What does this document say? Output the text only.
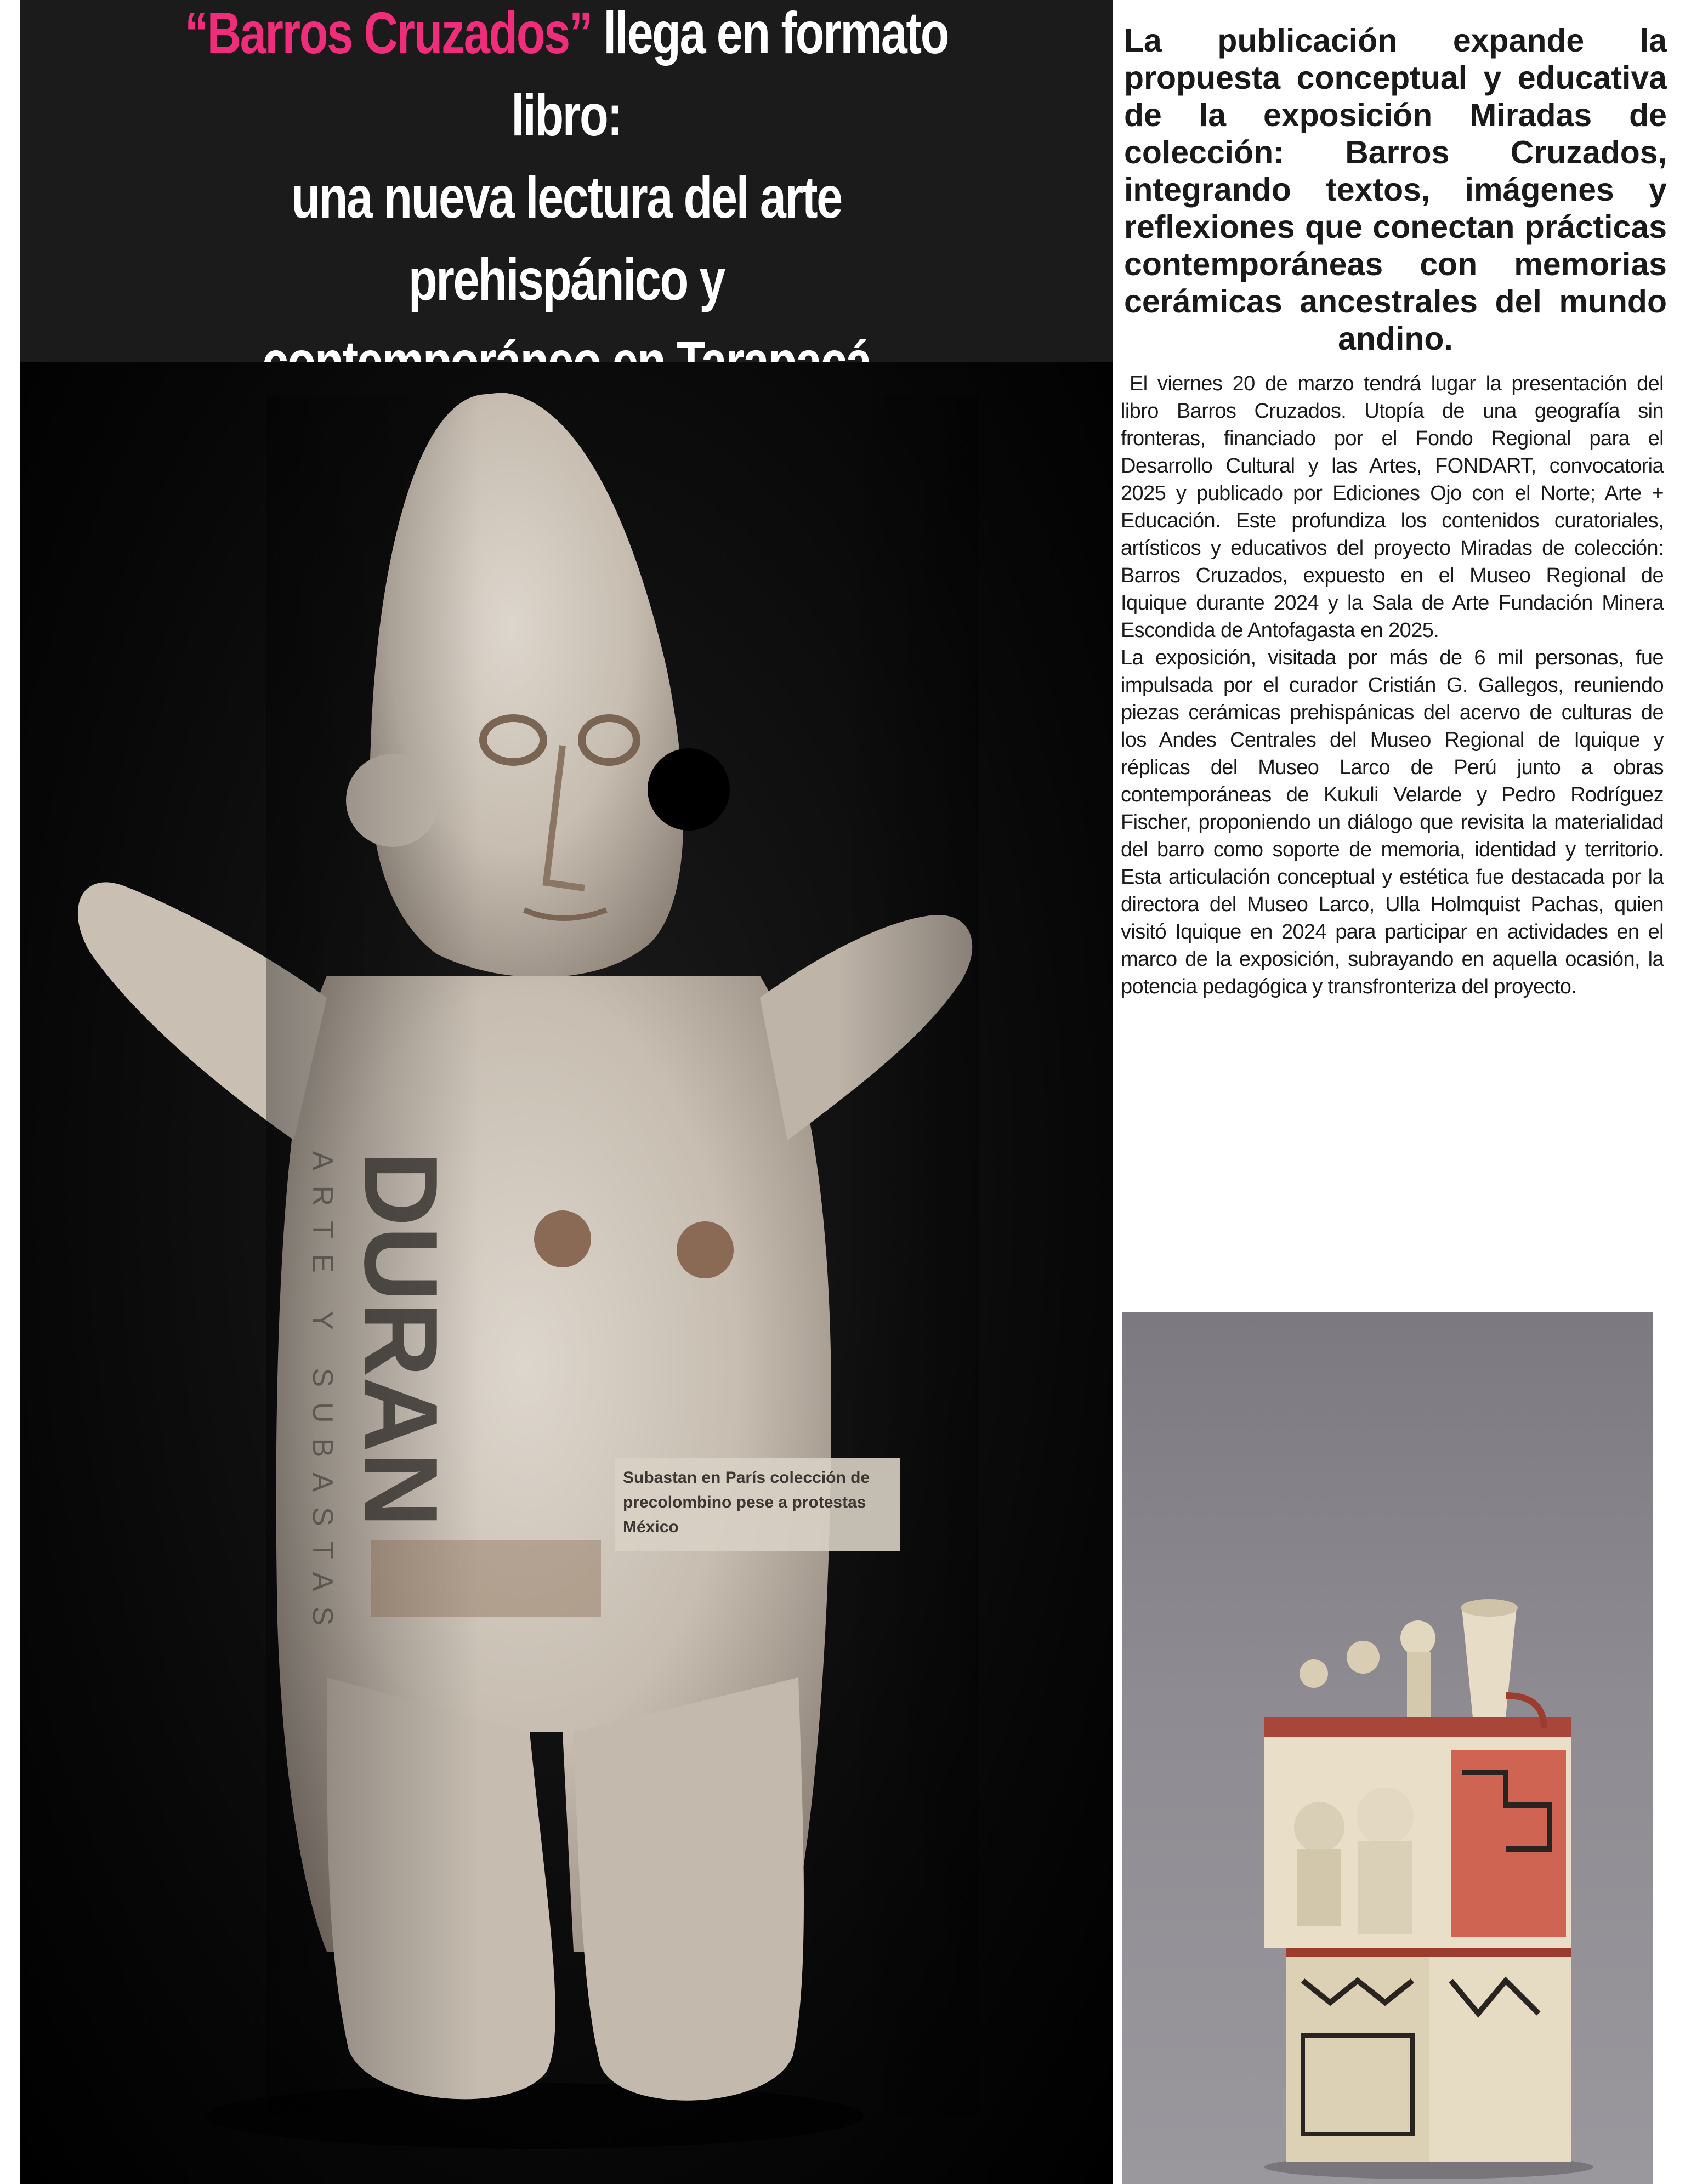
“Barros Cruzados” llega en formato libro:
una nueva lectura del arte prehispánico y

DURAN
ARTE Y SUBASTAS	Subastan en París colección de
precolombino pese a protestas
México

La publicación expande la propuesta conceptual y educativa de la exposición Miradas de colección: Barros Cruzados, integrando textos, imágenes y reflexiones que conectan prácticas contemporáneas con memorias cerámicas ancestrales del mundo andino.

El viernes 20 de marzo tendrá lugar la presentación del libro Barros Cruzados. Utopía de una geografía sin fronteras, financiado por el Fondo Regional para el Desarrollo Cultural y las Artes, FONDART, convocatoria 2025 y publicado por Ediciones Ojo con el Norte; Arte + Educación. Este profundiza los contenidos curatoriales, artísticos y educativos del proyecto Miradas de colección: Barros Cruzados, expuesto en el Museo Regional de Iquique durante 2024 y la Sala de Arte Fundación Minera Escondida de Antofagasta en 2025.

La exposición, visitada por más de 6 mil personas, fue impulsada por el curador Cristián G. Gallegos, reuniendo piezas cerámicas prehispánicas del acervo de culturas de los Andes Centrales del Museo Regional de Iquique y réplicas del Museo Larco de Perú junto a obras contemporáneas de Kukuli Velarde y Pedro Rodríguez Fischer, proponiendo un diálogo que revisita la materialidad del barro como soporte de memoria, identidad y territorio. Esta articulación conceptual y estética fue destacada por la directora del Museo Larco, Ulla Holmquist Pachas, quien visitó Iquique en 2024 para participar en actividades en el marco de la exposición, subrayando en aquella ocasión, la potencia pedagógica y transfronteriza del proyecto.
